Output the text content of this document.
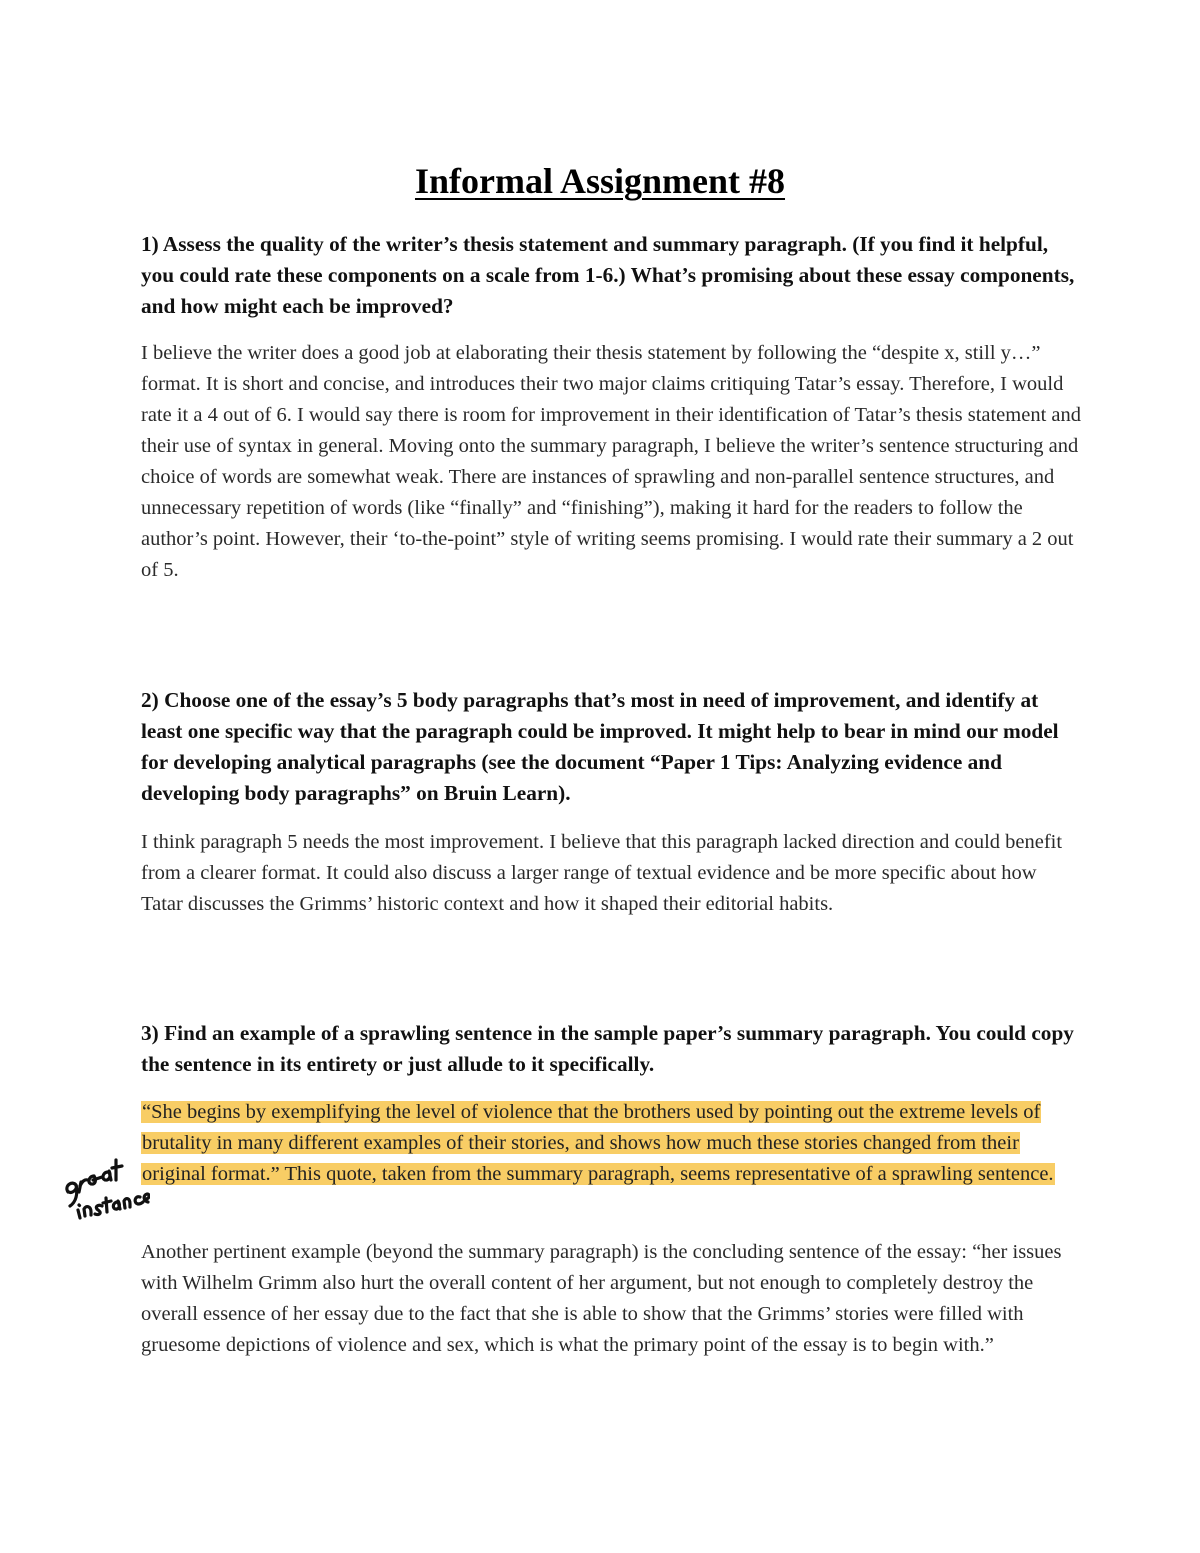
Informal Assignment #8

1) Assess the quality of the writer’s thesis statement and summary paragraph. (If you find it helpful, you could rate these components on a scale from 1-6.) What’s promising about these essay components, and how might each be improved?

I believe the writer does a good job at elaborating their thesis statement by following the “despite x, still y…” format. It is short and concise, and introduces their two major claims critiquing Tatar’s essay. Therefore, I would rate it a 4 out of 6. I would say there is room for improvement in their identification of Tatar’s thesis statement and their use of syntax in general. Moving onto the summary paragraph, I believe the writer’s sentence structuring and choice of words are somewhat weak. There are instances of sprawling and non-parallel sentence structures, and unnecessary repetition of words (like “finally” and “finishing”), making it hard for the readers to follow the author’s point. However, their ‘to-the-point” style of writing seems promising. I would rate their summary a 2 out of 5.

2) Choose one of the essay’s 5 body paragraphs that’s most in need of improvement, and identify at least one specific way that the paragraph could be improved. It might help to bear in mind our model for developing analytical paragraphs (see the document “Paper 1 Tips: Analyzing evidence and developing body paragraphs” on Bruin Learn).

I think paragraph 5 needs the most improvement. I believe that this paragraph lacked direction and could benefit from a clearer format. It could also discuss a larger range of textual evidence and be more specific about how Tatar discusses the Grimms’ historic context and how it shaped their editorial habits.

3) Find an example of a sprawling sentence in the sample paper’s summary paragraph. You could copy the sentence in its entirety or just allude to it specifically.

“She begins by exemplifying the level of violence that the brothers used by pointing out the extreme levels of brutality in many different examples of their stories, and shows how much these stories changed from their original format.” This quote, taken from the summary paragraph, seems representative of a sprawling sentence.

Another pertinent example (beyond the summary paragraph) is the concluding sentence of the essay: “her issues with Wilhelm Grimm also hurt the overall content of her argument, but not enough to completely destroy the overall essence of her essay due to the fact that she is able to show that the Grimms’ stories were filled with gruesome depictions of violence and sex, which is what the primary point of the essay is to begin with.”
